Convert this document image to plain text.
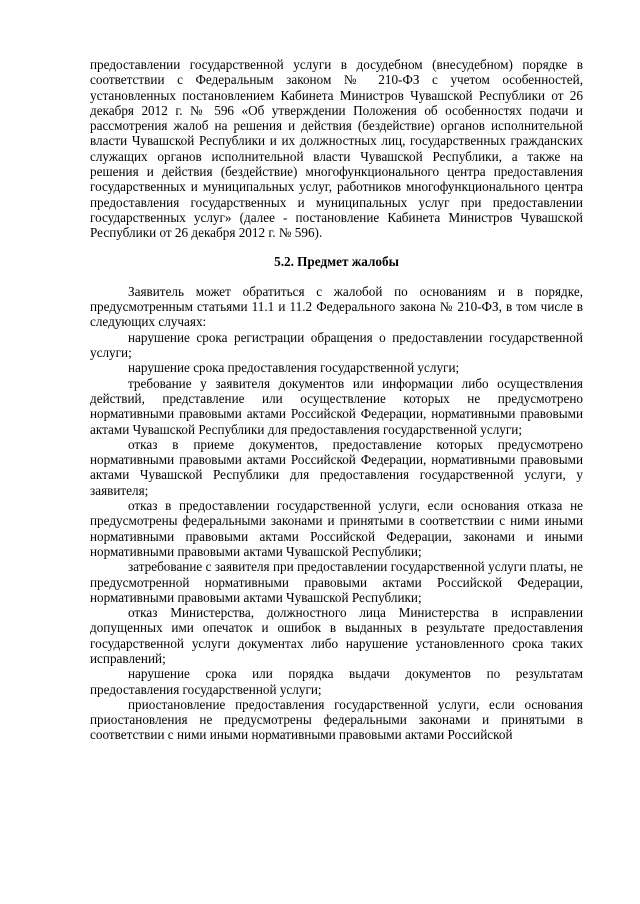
предоставлении государственной услуги в досудебном (внесудебном) порядке в соответствии с Федеральным законом № 210-ФЗ с учетом особенностей, установленных постановлением Кабинета Министров Чувашской Республики от 26 декабря 2012 г. № 596 «Об утверждении Положения об особенностях подачи и рассмотрения жалоб на решения и действия (бездействие) органов исполнительной власти Чувашской Республики и их должностных лиц, государственных гражданских служащих органов исполнительной власти Чувашской Республики, а также на решения и действия (бездействие) многофункционального центра предоставления государственных и муниципальных услуг, работников многофункционального центра предоставления государственных и муниципальных услуг при предоставлении государственных услуг» (далее - постановление Кабинета Министров Чувашской Республики от 26 декабря 2012 г. № 596).

5.2. Предмет жалобы

Заявитель может обратиться с жалобой по основаниям и в порядке, предусмотренным статьями 11.1 и 11.2 Федерального закона № 210-ФЗ, в том числе в следующих случаях:

нарушение срока регистрации обращения о предоставлении государственной услуги;

нарушение срока предоставления государственной услуги;

требование у заявителя документов или информации либо осуществления действий, представление или осуществление которых не предусмотрено нормативными правовыми актами Российской Федерации, нормативными правовыми актами Чувашской Республики для предоставления государственной услуги;

отказ в приеме документов, предоставление которых предусмотрено нормативными правовыми актами Российской Федерации, нормативными правовыми актами Чувашской Республики для предоставления государственной услуги, у заявителя;

отказ в предоставлении государственной услуги, если основания отказа не предусмотрены федеральными законами и принятыми в соответствии с ними иными нормативными правовыми актами Российской Федерации, законами и иными нормативными правовыми актами Чувашской Республики;

затребование с заявителя при предоставлении государственной услуги платы, не предусмотренной нормативными правовыми актами Российской Федерации, нормативными правовыми актами Чувашской Республики;

отказ Министерства, должностного лица Министерства в исправлении допущенных ими опечаток и ошибок в выданных в результате предоставления государственной услуги документах либо нарушение установленного срока таких исправлений;

нарушение срока или порядка выдачи документов по результатам предоставления государственной услуги;

приостановление предоставления государственной услуги, если основания приостановления не предусмотрены федеральными законами и принятыми в соответствии с ними иными нормативными правовыми актами Российской
